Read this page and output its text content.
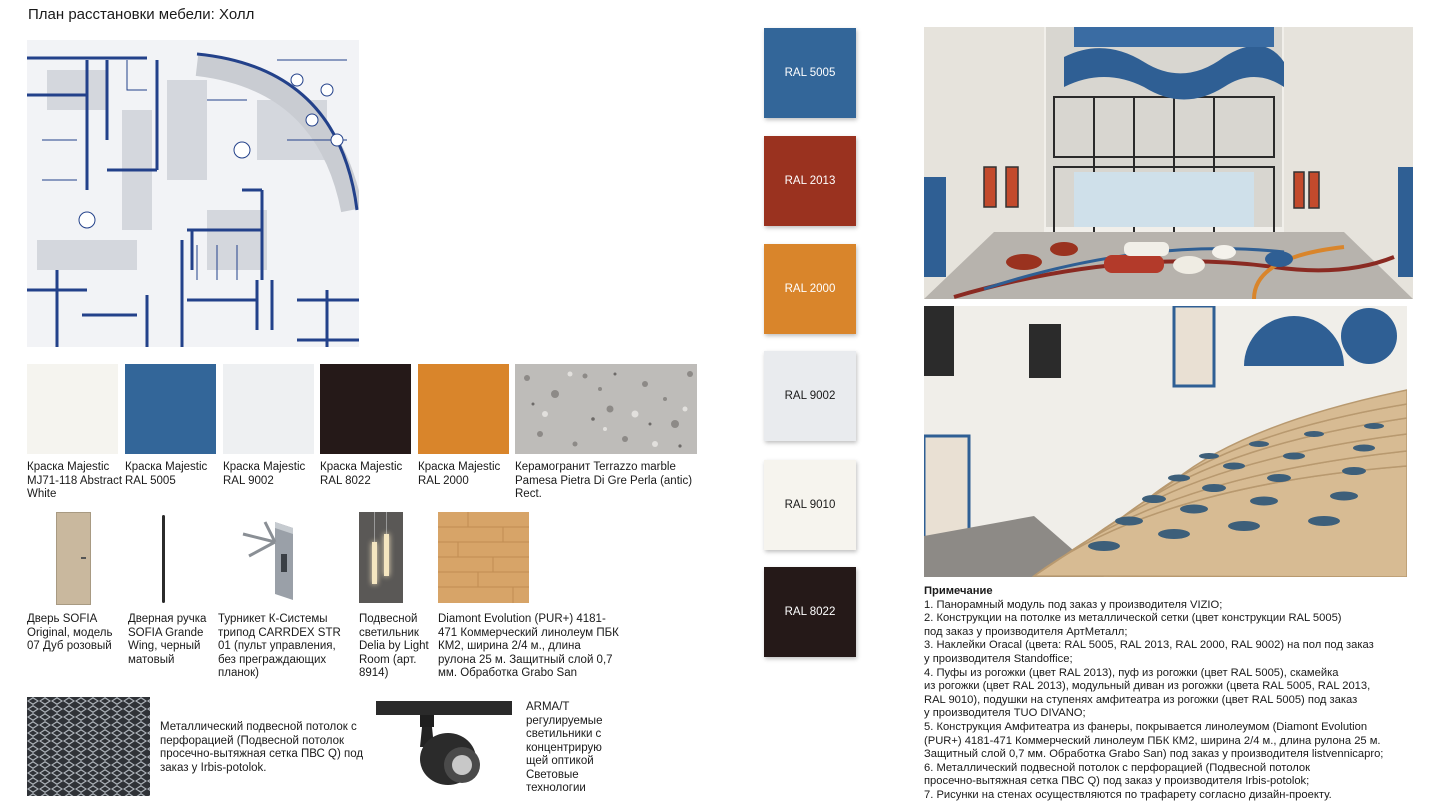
План расстановки мебели: Холл
Краска Majestic MJ71-118 Abstract White
Краска Majestic RAL 5005
Краска Majestic RAL 9002
Краска Majestic RAL 8022
Краска Majestic RAL 2000
Керамогранит Terrazzo marble Pamesa Pietra Di Gre Perla (antic) Rect.
Дверь SOFIA Original, модель 07 Дуб розовый
Дверная ручка SOFIA Grande Wing, черный матовый
Турникет К-Системы трипод CARRDEX STR 01 (пульт управления, без преграждающих планок)
Подвесной светильник Delia by Light Room (арт. 8914)
Diamont Evolution (PUR+) 4181-471 Коммерческий линолеум ПБК КМ2, ширина 2/4 м., длина рулона 25 м. Защитный слой 0,7 мм. Обработка Grabo San
Металлический подвесной потолок с перфорацией (Подвесной потолок просечно-вытяжная сетка ПВС Q) под заказ у Irbis-potolok.
ARMA/T регулируемые светильники с концентрирую щей оптикой Световые технологии
RAL 5005
RAL 2013
RAL 2000
RAL 9002
RAL 9010
RAL 8022
Примечание
1. Панорамный модуль под заказ у производителя VIZIO;
2. Конструкции на потолке из металлической сетки (цвет конструкции RAL 5005)
под заказ у производителя АртМеталл;
3. Наклейки Oracal (цвета: RAL 5005, RAL 2013, RAL 2000, RAL 9002) на пол под заказ
у производителя Standoffice;
4. Пуфы из рогожки (цвет RAL 2013), пуф из рогожки (цвет RAL 5005), скамейка
из рогожки (цвет RAL 2013), модульный диван из рогожки (цвета RAL 5005, RAL 2013,
RAL 9010), подушки на ступенях амфитеатра из рогожки (цвет RAL 5005) под заказ
у производителя TUO DIVANO;
5. Конструкция Амфитеатра из фанеры, покрывается линолеумом (Diamont Evolution
(PUR+) 4181-471 Коммерческий линолеум ПБК КМ2, ширина 2/4 м., длина рулона 25 м.
Защитный слой 0,7 мм. Обработка Grabo San) под заказ у производителя listvennicapro;
6. Металлический подвесной потолок с перфорацией (Подвесной потолок
просечно-вытяжная сетка ПВС Q) под заказ у производителя Irbis-potolok;
7. Рисунки на стенах осуществляются по трафарету согласно дизайн-проекту.
